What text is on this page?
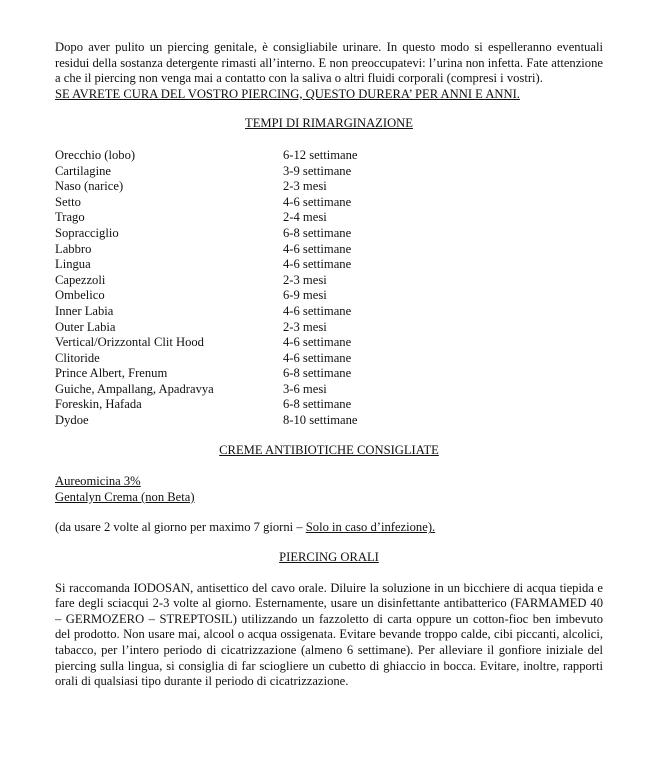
Dopo aver pulito un piercing genitale, è consigliabile urinare. In questo modo si espelleranno eventuali residui della sostanza detergente rimasti all’interno. E non preoccupatevi: l’urina non infetta. Fate attenzione a che il piercing non venga mai a contatto con la saliva o altri fluidi corporali (compresi i vostri).

SE AVRETE CURA DEL VOSTRO PIERCING, QUESTO DURERA’ PER ANNI E ANNI.

TEMPI DI RIMARGINAZIONE

Orecchio (lobo)	6-12 settimane
Cartilagine	3-9 settimane
Naso (narice)	2-3 mesi
Setto	4-6 settimane
Trago	2-4 mesi
Sopracciglio	6-8 settimane
Labbro	4-6 settimane
Lingua	4-6 settimane
Capezzoli	2-3 mesi
Ombelico	6-9 mesi
Inner Labia	4-6 settimane
Outer Labia	2-3 mesi
Vertical/Orizzontal Clit Hood	4-6 settimane
Clitoride	4-6 settimane
Prince Albert, Frenum	6-8 settimane
Guiche, Ampallang, Apadravya	3-6 mesi
Foreskin, Hafada	6-8 settimane
Dydoe	8-10 settimane

CREME ANTIBIOTICHE CONSIGLIATE

Aureomicina 3%

Gentalyn Crema (non Beta)

(da usare 2 volte al giorno per maximo 7 giorni – Solo in caso d’infezione).

PIERCING ORALI

Si raccomanda IODOSAN, antisettico del cavo orale. Diluire la soluzione in un bicchiere di acqua tiepida e fare degli sciacqui 2-3 volte al giorno. Esternamente, usare un disinfettante antibatterico (FARMAMED 40 – GERMOZERO – STREPTOSIL) utilizzando un fazzoletto di carta oppure un cotton-fioc ben imbevuto del prodotto. Non usare mai, alcool o acqua ossigenata. Evitare bevande troppo calde, cibi piccanti, alcolici, tabacco, per l’intero periodo di cicatrizzazione (almeno 6 settimane). Per alleviare il gonfiore iniziale del piercing sulla lingua, si consiglia di far sciogliere un cubetto di ghiaccio in bocca. Evitare, inoltre, rapporti orali di qualsiasi tipo durante il periodo di cicatrizzazione.
